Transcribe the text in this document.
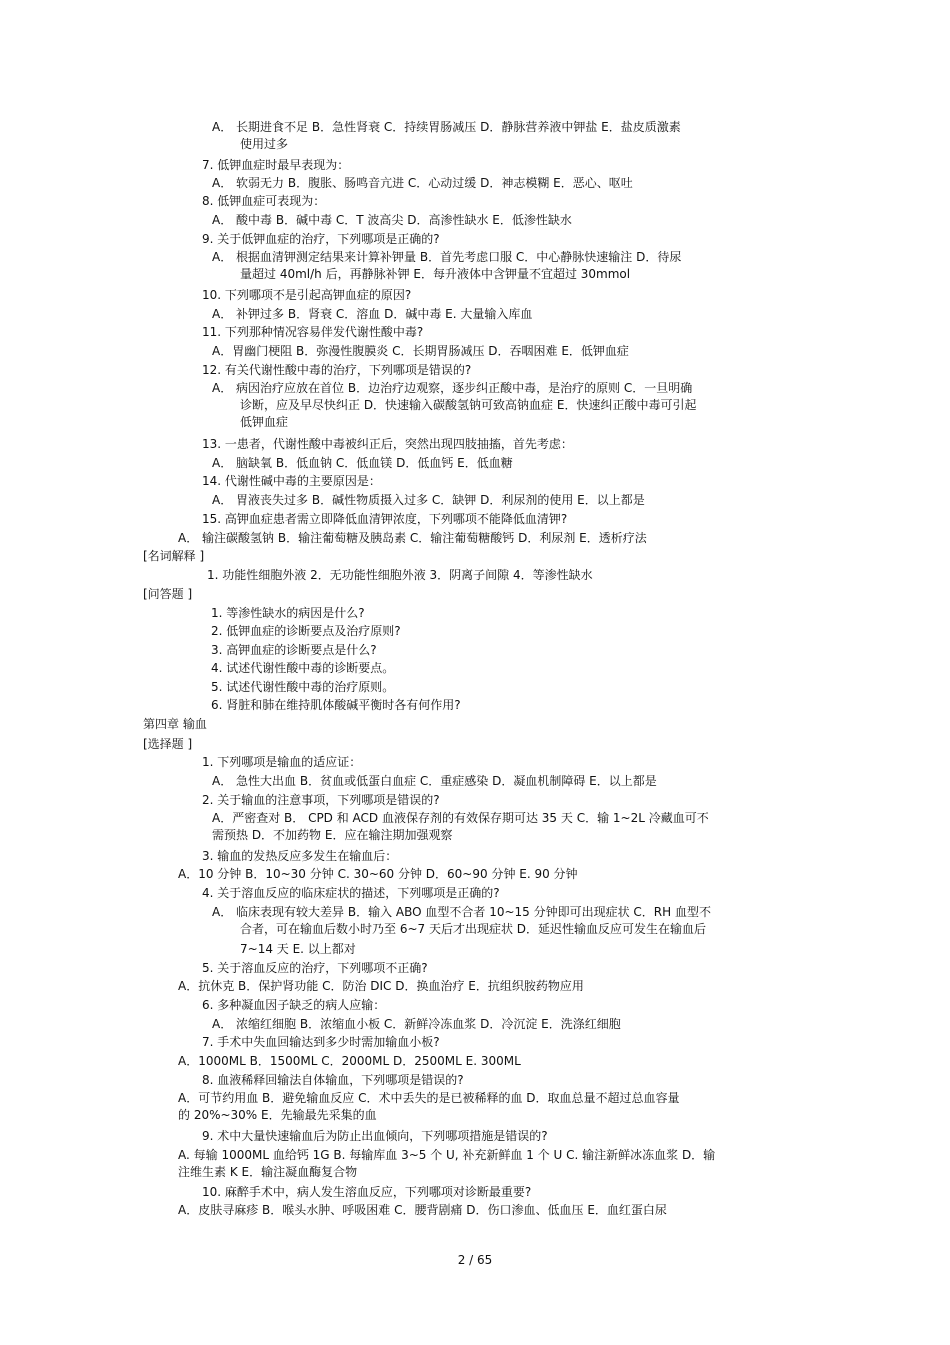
A． 长期进食不足 B．急性肾衰 C．持续胃肠减压 D．静脉营养液中钾盐 E．盐皮质激素
使用过多
7. 低钾血症时最早表现为：
A． 软弱无力 B．腹胀、肠鸣音亢进 C．心动过缓 D．神志模糊 E．恶心、呕吐
8. 低钾血症可表现为：
A． 酸中毒 B．碱中毒 C．T 波高尖 D．高渗性缺水 E．低渗性缺水
9. 关于低钾血症的治疗，下列哪项是正确的?
A． 根据血清钾测定结果来计算补钾量 B．首先考虑口服 C．中心静脉快速输注 D．待尿
量超过 40ml/h 后，再静脉补钾 E．每升液体中含钾量不宜超过 30mmol
10. 下列哪项不是引起高钾血症的原因?
A． 补钾过多 B．肾衰 C．溶血 D．碱中毒 E. 大量输入库血
11. 下列那种情况容易伴发代谢性酸中毒?
A．胃幽门梗阻 B．弥漫性腹膜炎 C．长期胃肠减压 D．吞咽困难 E．低钾血症
12. 有关代谢性酸中毒的治疗，下列哪项是错误的?
A． 病因治疗应放在首位 B．边治疗边观察，逐步纠正酸中毒，是治疗的原则 C．一旦明确
诊断，应及早尽快纠正 D．快速输入碳酸氢钠可致高钠血症 E．快速纠正酸中毒可引起
低钾血症
13. 一患者，代谢性酸中毒被纠正后，突然出现四肢抽搐，首先考虑：
A． 脑缺氧 B．低血钠 C．低血镁 D．低血钙 E．低血糖
14. 代谢性碱中毒的主要原因是：
A． 胃液丧失过多 B．碱性物质摄入过多 C．缺钾 D．利尿剂的使用 E．以上都是
15. 高钾血症患者需立即降低血清钾浓度，下列哪项不能降低血清钾?
A． 输注碳酸氢钠 B．输注葡萄糖及胰岛素 C．输注葡萄糖酸钙 D．利尿剂 E．透析疗法
[名词解释 ]
1. 功能性细胞外液 2．无功能性细胞外液 3．阴离子间隙 4．等渗性缺水
[问答题 ]
1. 等渗性缺水的病因是什么?
2. 低钾血症的诊断要点及治疗原则?
3. 高钾血症的诊断要点是什么?
4. 试述代谢性酸中毒的诊断要点。
5. 试述代谢性酸中毒的治疗原则。
6. 肾脏和肺在维持肌体酸碱平衡时各有何作用?
第四章 输血
[选择题 ]
1. 下列哪项是输血的适应证：
A． 急性大出血 B．贫血或低蛋白血症 C．重症感染 D．凝血机制障碍 E．以上都是
2. 关于输血的注意事项，下列哪项是错误的?
A．严密查对 B． CPD 和 ACD 血液保存剂的有效保存期可达 35 天 C．输 1~2L 冷藏血可不
需预热 D．不加药物 E．应在输注期加强观察
3. 输血的发热反应多发生在输血后：
A．10 分钟 B．10~30 分钟 C. 30~60 分钟 D．60~90 分钟 E. 90 分钟
4. 关于溶血反应的临床症状的描述，下列哪项是正确的?
A． 临床表现有较大差异 B．输入 ABO 血型不合者 10~15 分钟即可出现症状 C．RH 血型不
合者，可在输血后数小时乃至 6~7 天后才出现症状 D．延迟性输血反应可发生在输血后
7~14 天 E. 以上都对
5. 关于溶血反应的治疗，下列哪项不正确?
A．抗休克 B．保护肾功能 C．防治 DIC D．换血治疗 E．抗组织胺药物应用
6. 多种凝血因子缺乏的病人应输：
A． 浓缩红细胞 B．浓缩血小板 C．新鲜冷冻血浆 D．冷沉淀 E．洗涤红细胞
7. 手术中失血回输达到多少时需加输血小板?
A．1000ML B．1500ML C．2000ML D．2500ML E. 300ML
8. 血液稀释回输法自体输血，下列哪项是错误的?
A．可节约用血 B．避免输血反应 C．术中丢失的是已被稀释的血 D．取血总量不超过总血容量
的 20%~30% E．先输最先采集的血
9. 术中大量快速输血后为防止出血倾向，下列哪项措施是错误的?
A. 每输 1000ML 血给钙 1G B. 每输库血 3~5 个 U, 补充新鲜血 1 个 U C. 输注新鲜冰冻血浆 D．输
注维生素 K E．输注凝血酶复合物
10. 麻醉手术中，病人发生溶血反应，下列哪项对诊断最重要?
A．皮肤寻麻疹 B．喉头水肿、呼吸困难 C．腰背剧痛 D．伤口渗血、低血压 E．血红蛋白尿
2 / 65
